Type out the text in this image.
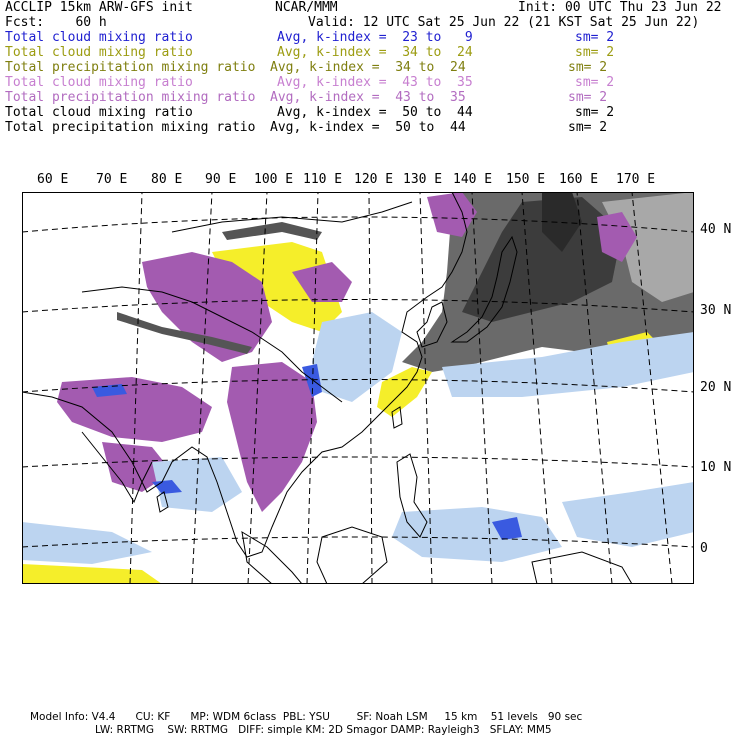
ACCLIP 15km ARW-GFS init	NCAR/MMM	Init: 00 UTC Thu 23 Jun 22
Fcst:    60 h	Valid: 12 UTC Sat 25 Jun 22 (21 KST Sat 25 Jun 22)
Total cloud mixing ratio	Avg, k-index =  23 to   9	sm= 2
Total cloud mixing ratio	Avg, k-index =  34 to  24	sm= 2
Total precipitation mixing ratio Avg, k-index =  34 to  24	sm= 2
Total cloud mixing ratio	Avg, k-index =  43 to  35	sm= 2
Total precipitation mixing ratio Avg, k-index =  43 to  35	sm= 2
Total cloud mixing ratio	Avg, k-index =  50 to  44	sm= 2
Total precipitation mixing ratio Avg, k-index =  50 to  44	sm= 2
60 E 70 E 80 E 90 E 100 E 110 E 120 E 130 E 140 E 150 E 160 E 170 E
40 N
30 N
20 N
10 N
0
Model Info: V4.4      CU: KF      MP: WDM 6class  PBL: YSU        SF: Noah LSM     15 km    51 levels   90 sec
LW: RRTMG    SW: RRTMG   DIFF: simple KM: 2D Smagor DAMP: Rayleigh3   SFLAY: MM5
